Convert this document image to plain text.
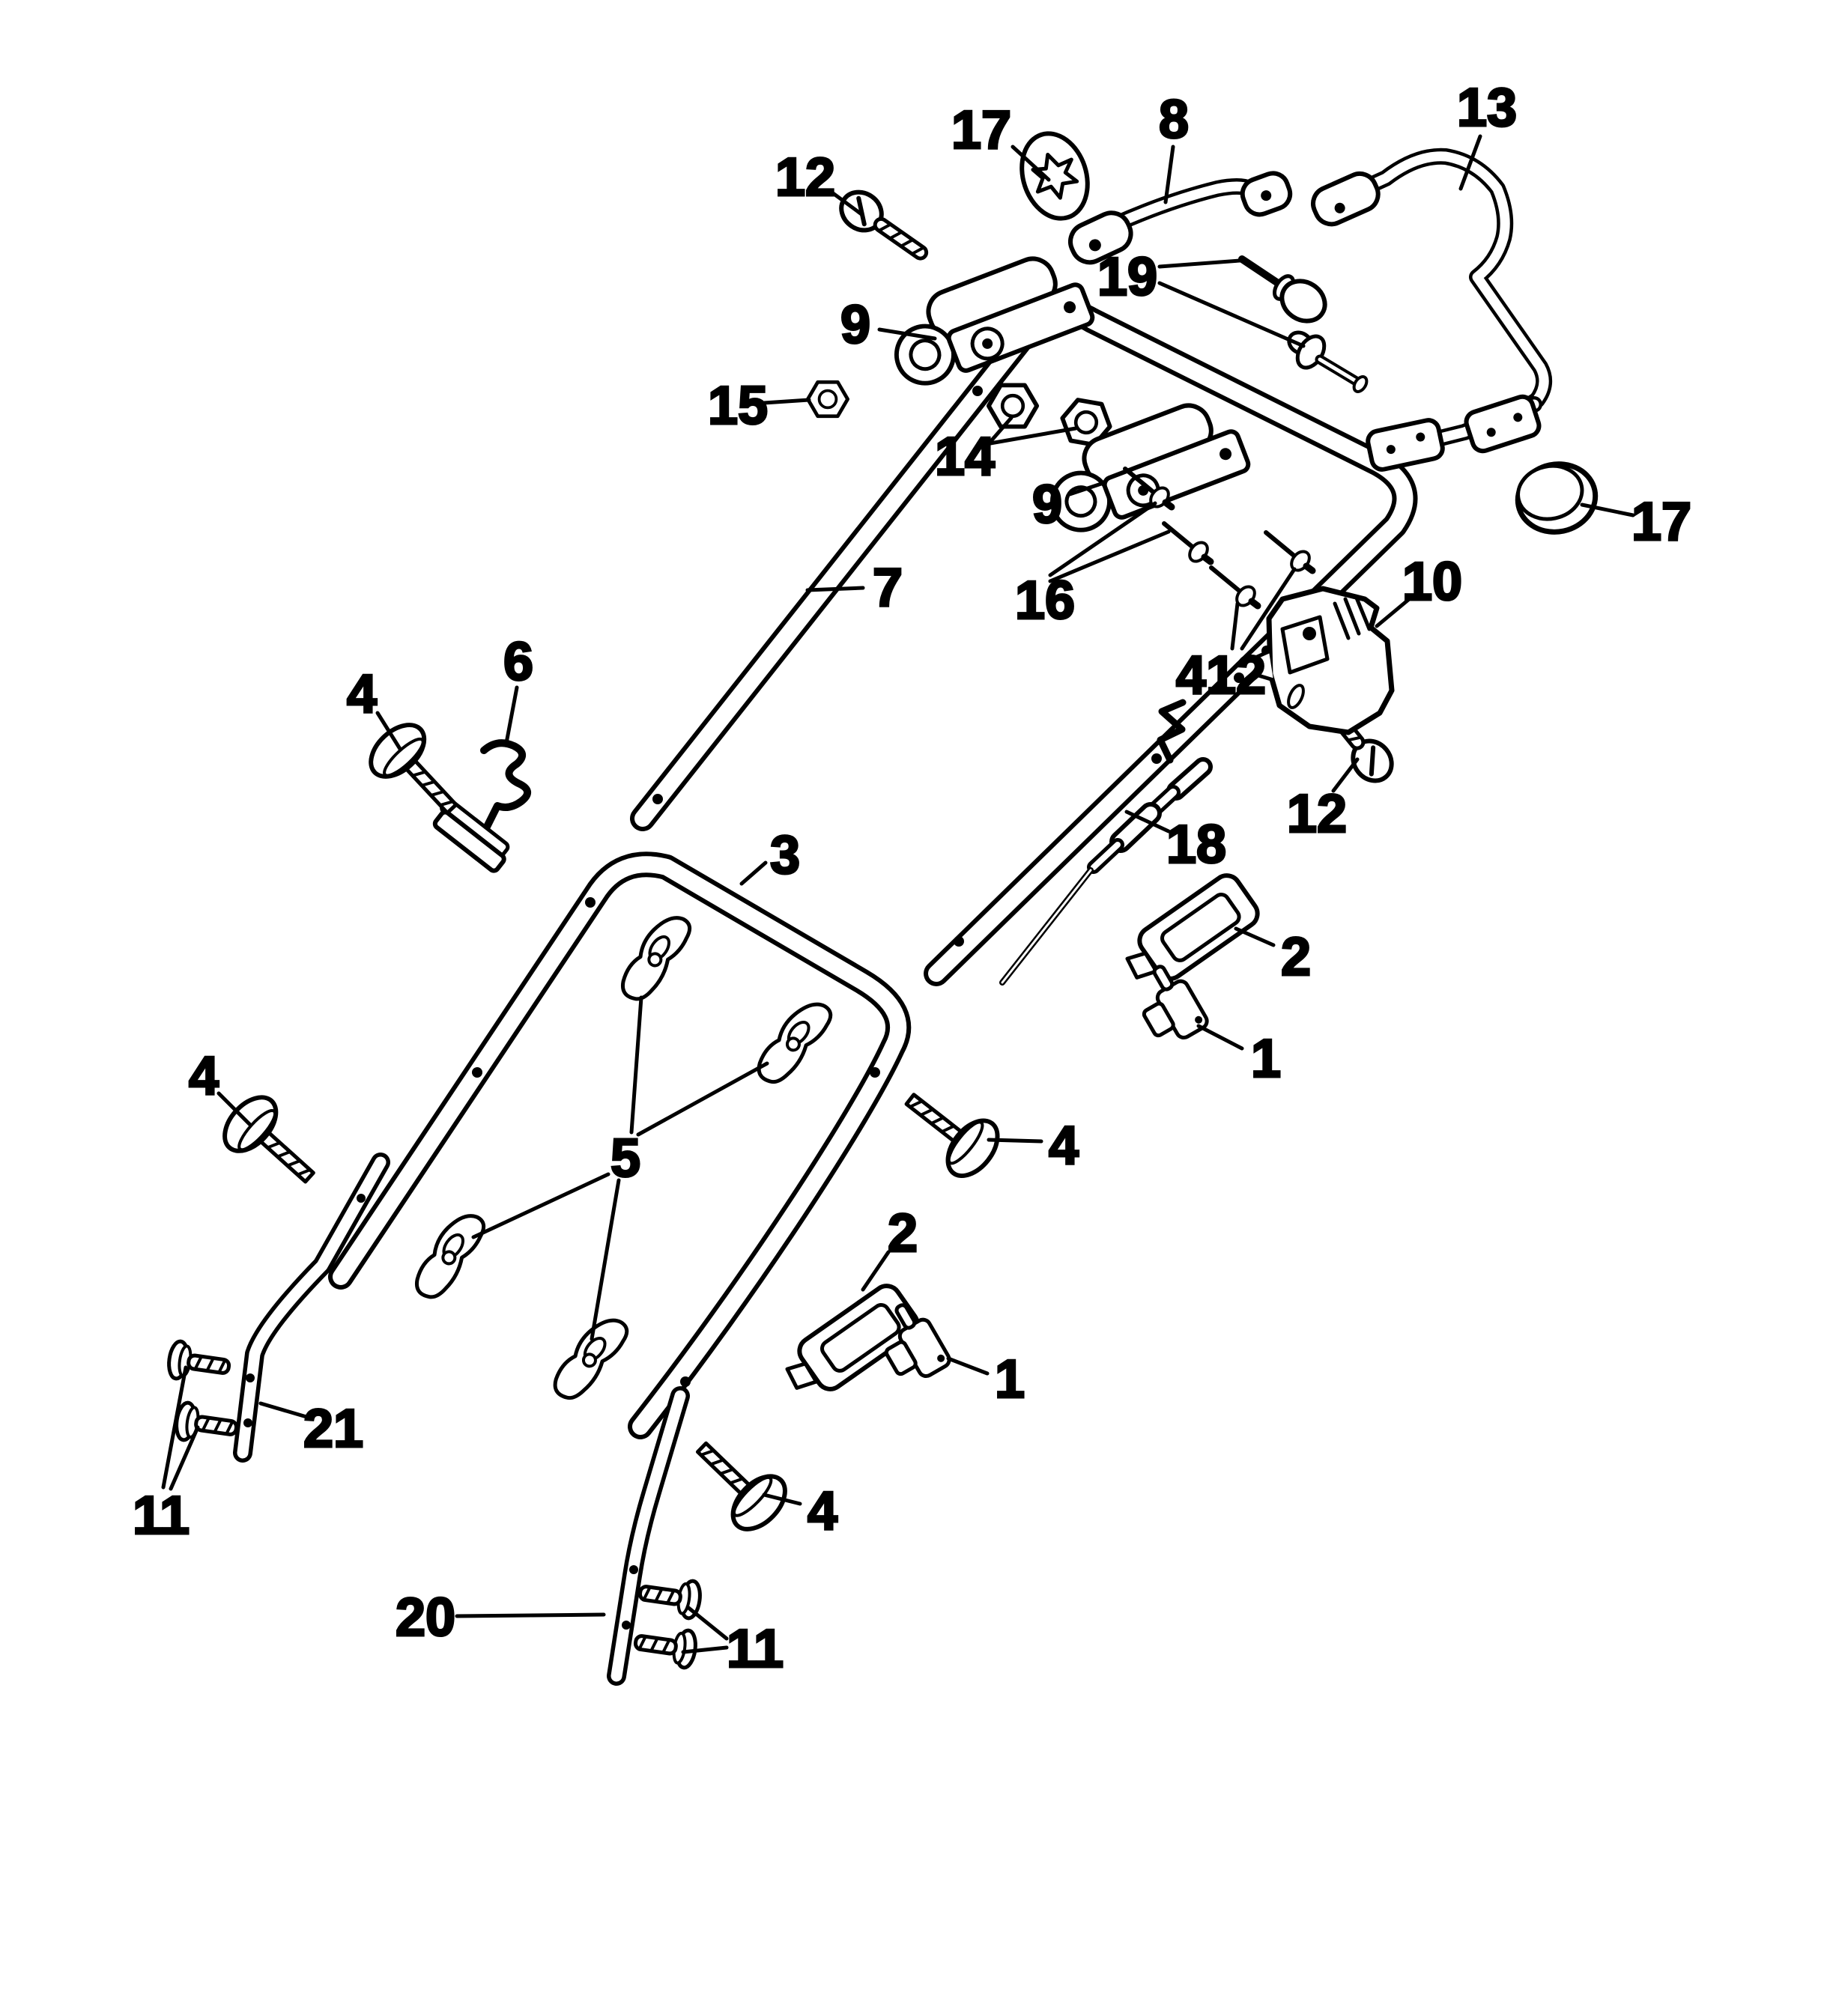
17	8	13
12
9
19
15
14
9	17
7 16	10
412
12
18
4
6
3
2
1
4
4
5
2
1
21
11	4
20
11
